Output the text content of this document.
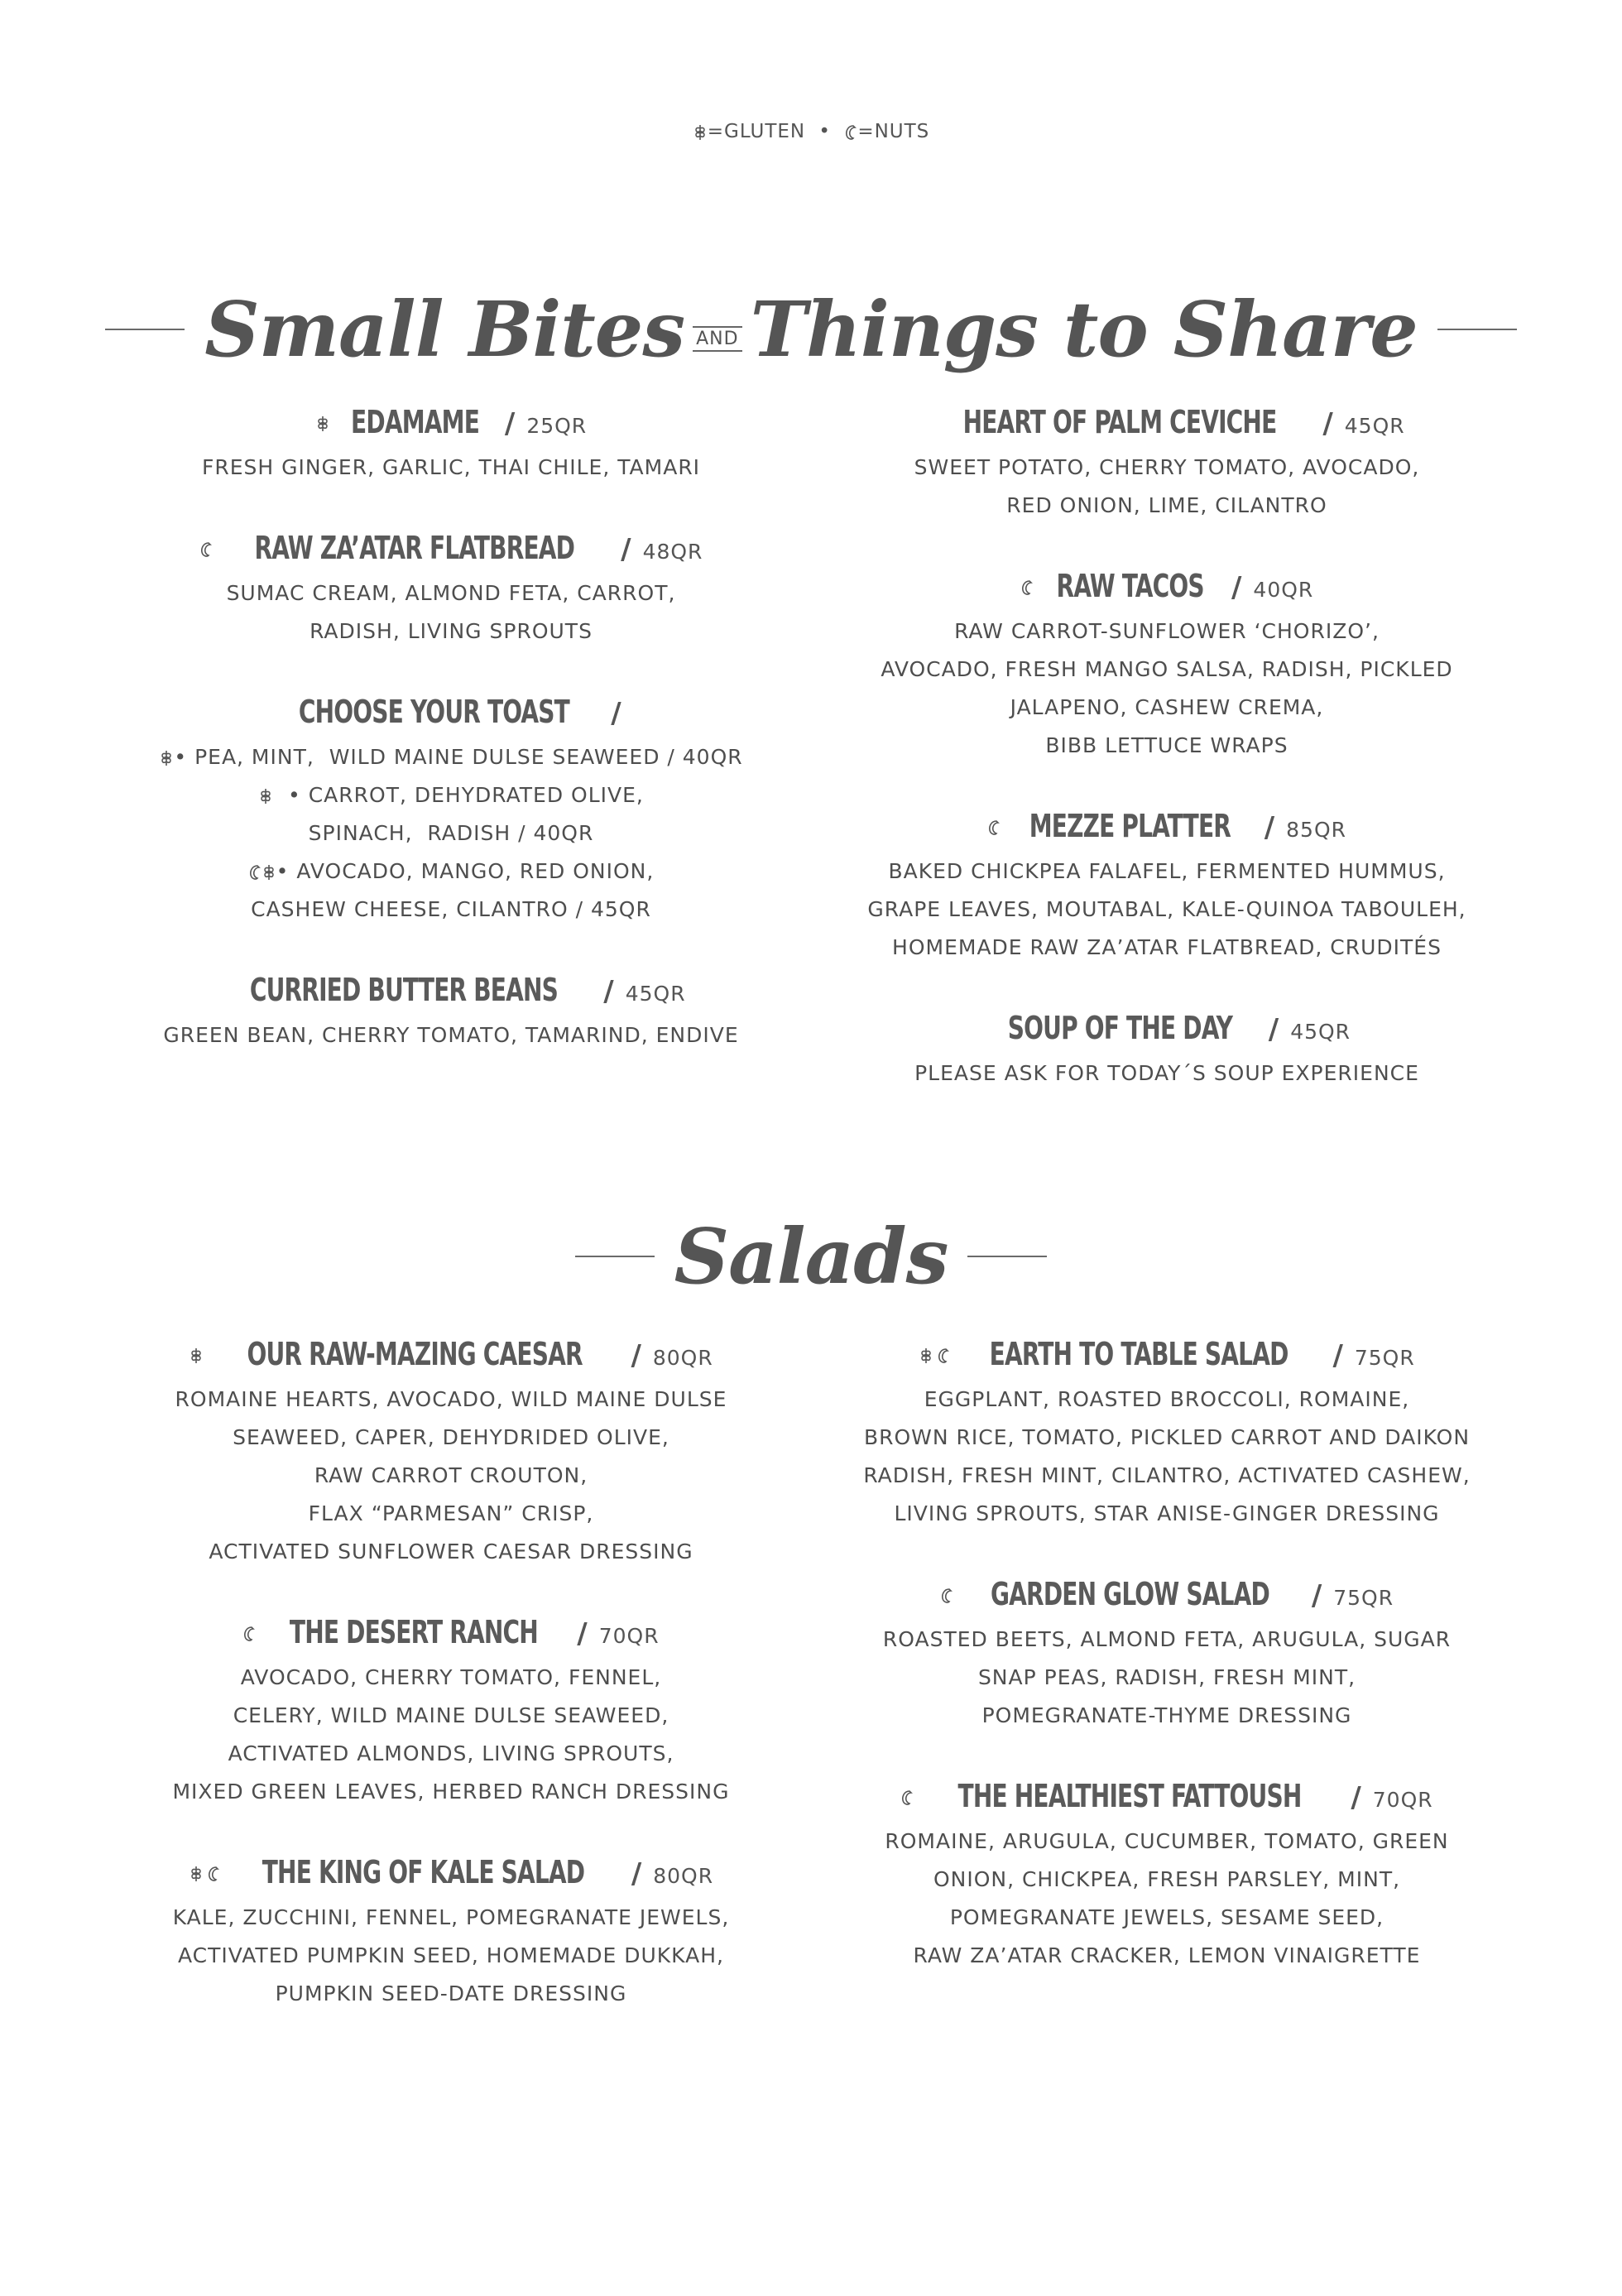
=GLUTEN • =NUTS
Small Bites AND Things to Share
EDAMAME / 25QR
FRESH GINGER, GARLIC, THAI CHILE, TAMARI
RAW ZA’ATAR FLATBREAD / 48QR
SUMAC CREAM, ALMOND FETA, CARROT,
RADISH, LIVING SPROUTS
CHOOSE YOUR TOAST /
• PEA, MINT,  WILD MAINE DULSE SEAWEED / 40QR
• CARROT, DEHYDRATED OLIVE,
SPINACH,  RADISH / 40QR
• AVOCADO, MANGO, RED ONION,
CASHEW CHEESE, CILANTRO / 45QR
CURRIED BUTTER BEANS / 45QR
GREEN BEAN, CHERRY TOMATO, TAMARIND, ENDIVE
HEART OF PALM CEVICHE / 45QR
SWEET POTATO, CHERRY TOMATO, AVOCADO,
RED ONION, LIME, CILANTRO
RAW TACOS / 40QR
RAW CARROT-SUNFLOWER ‘CHORIZO’,
AVOCADO, FRESH MANGO SALSA, RADISH, PICKLED
JALAPENO, CASHEW CREMA,
BIBB LETTUCE WRAPS
MEZZE PLATTER / 85QR
BAKED CHICKPEA FALAFEL, FERMENTED HUMMUS,
GRAPE LEAVES, MOUTABAL, KALE-QUINOA TABOULEH,
HOMEMADE RAW ZA’ATAR FLATBREAD, CRUDITÉS
SOUP OF THE DAY / 45QR
PLEASE ASK FOR TODAY´S SOUP EXPERIENCE
Salads
OUR RAW-MAZING CAESAR / 80QR
ROMAINE HEARTS, AVOCADO, WILD MAINE DULSE
SEAWEED, CAPER, DEHYDRIDED OLIVE,
RAW CARROT CROUTON,
FLAX “PARMESAN” CRISP,
ACTIVATED SUNFLOWER CAESAR DRESSING
THE DESERT RANCH / 70QR
AVOCADO, CHERRY TOMATO, FENNEL,
CELERY, WILD MAINE DULSE SEAWEED,
ACTIVATED ALMONDS, LIVING SPROUTS,
MIXED GREEN LEAVES, HERBED RANCH DRESSING
THE KING OF KALE SALAD / 80QR
KALE, ZUCCHINI, FENNEL, POMEGRANATE JEWELS,
ACTIVATED PUMPKIN SEED, HOMEMADE DUKKAH,
PUMPKIN SEED-DATE DRESSING
EARTH TO TABLE SALAD / 75QR
EGGPLANT, ROASTED BROCCOLI, ROMAINE,
BROWN RICE, TOMATO, PICKLED CARROT AND DAIKON
RADISH, FRESH MINT, CILANTRO, ACTIVATED CASHEW,
LIVING SPROUTS, STAR ANISE-GINGER DRESSING
GARDEN GLOW SALAD / 75QR
ROASTED BEETS, ALMOND FETA, ARUGULA, SUGAR
SNAP PEAS, RADISH, FRESH MINT,
POMEGRANATE-THYME DRESSING
THE HEALTHIEST FATTOUSH / 70QR
ROMAINE, ARUGULA, CUCUMBER, TOMATO, GREEN
ONION, CHICKPEA, FRESH PARSLEY, MINT,
POMEGRANATE JEWELS, SESAME SEED,
RAW ZA’ATAR CRACKER, LEMON VINAIGRETTE
